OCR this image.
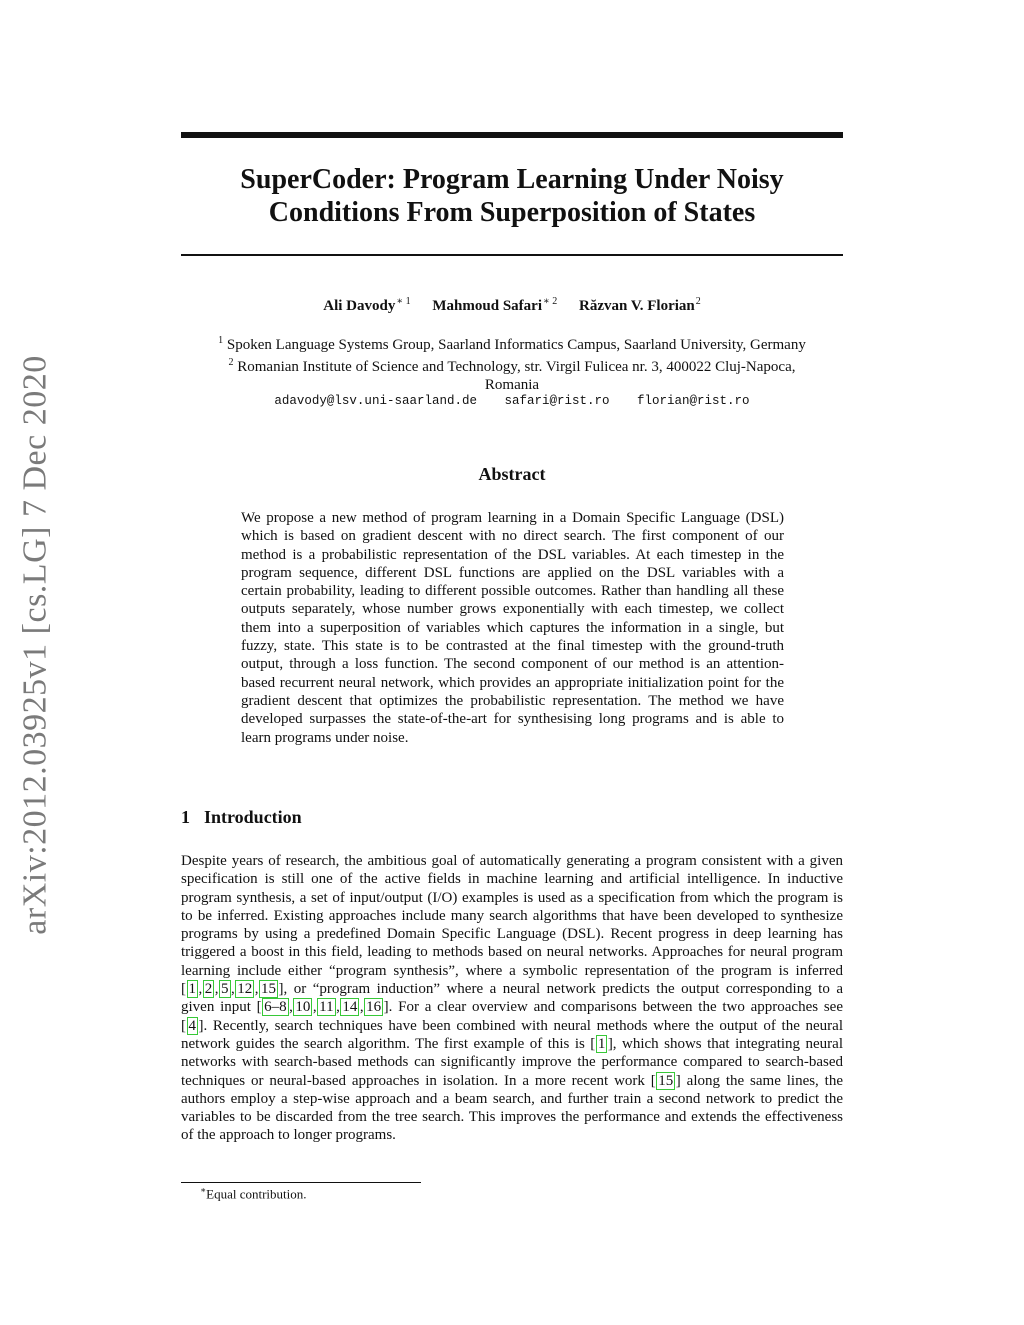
arXiv:2012.03925v1 [cs.LG] 7 Dec 2020
SuperCoder: Program Learning Under Noisy
Conditions From Superposition of States
Ali Davody$^{∗ 1}$ Mahmoud Safari$^{∗ 2}$ Răzvan V. Florian$^2$
$^1$ Spoken Language Systems Group, Saarland Informatics Campus, Saarland University, Germany
$^2$ Romanian Institute of Science and Technology, str. Virgil Fulicea nr. 3, 400022 Cluj-Napoca,
Romania
adavody@lsv.uni-saarland.de safari@rist.ro florian@rist.ro
Abstract
We propose a new method of program learning in a Domain Specific Language (DSL) which is based on gradient descent with no direct search. The first component of our method is a probabilistic representation of the DSL variables. At each timestep in the program sequence, different DSL functions are applied on the DSL variables with a certain probability, leading to different possible outcomes. Rather than handling all these outputs separately, whose number grows exponentially with each timestep, we collect them into a superposition of variables which captures the information in a single, but fuzzy, state. This state is to be contrasted at the final timestep with the ground-truth output, through a loss function. The second component of our method is an attention-based recurrent neural network, which provides an appropriate initialization point for the gradient descent that optimizes the probabilistic representation. The method we have developed surpasses the state-of-the-art for synthesising long programs and is able to learn programs under noise.
1 Introduction
Despite years of research, the ambitious goal of automatically generating a program consistent with a given specification is still one of the active fields in machine learning and artificial intelligence. In inductive program synthesis, a set of input/output (I/O) examples is used as a specification from which the program is to be inferred. Existing approaches include many search algorithms that have been developed to synthesize programs by using a predefined Domain Specific Language (DSL). Recent progress in deep learning has triggered a boost in this field, leading to methods based on neural networks. Approaches for neural program learning include either “program synthesis”, where a symbolic representation of the program is inferred [ 1 , 2 , 5 , 12 , 15 ], or “program induction” where a neural network predicts the output corresponding to a given input [ 6–8 , 10 , 11 , 14 , 16 ]. For a clear overview and comparisons between the two approaches see [ 4 ]. Recently, search techniques have been combined with neural methods where the output of the neural network guides the search algorithm. The first example of this is [ 1 ], which shows that integrating neural networks with search-based methods can significantly improve the performance compared to search-based techniques or neural-based approaches in isolation. In a more recent work [ 15 ] along the same lines, the authors employ a step-wise approach and a beam search, and further train a second network to predict the variables to be discarded from the tree search. This improves the performance and extends the effectiveness of the approach to longer programs.
∗Equal contribution.
